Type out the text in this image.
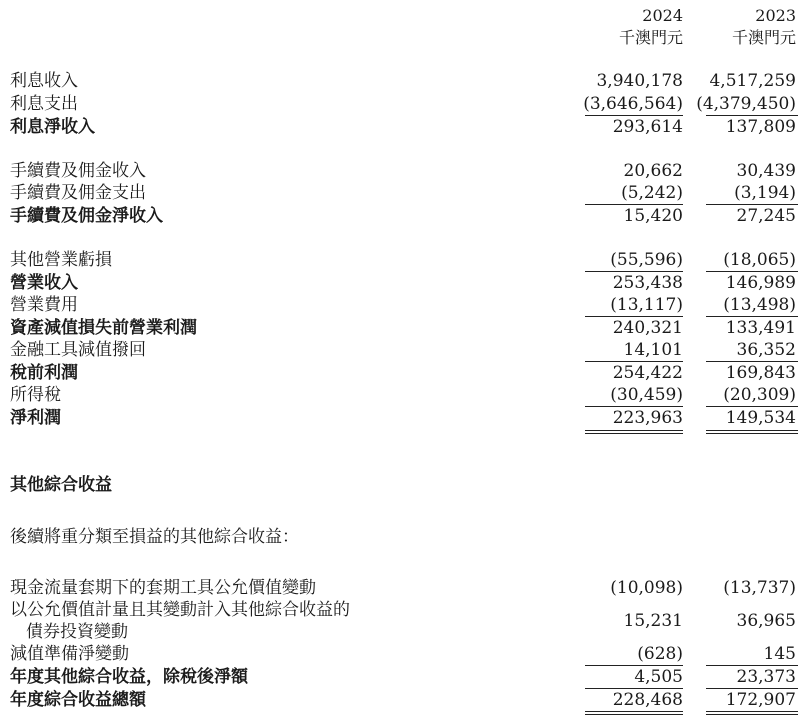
2024	2023
千澳門元	千澳門元
利息收入	3,940,178	4,517,259
利息支出	(3,646,564) (4,379,450)
利息淨收入	293,614	137,809
手續費及佣金收入	20,662	30,439
手續費及佣金支出	(5,242)	(3,194)
手續費及佣金淨收入	15,420	27,245
其他營業虧損	(55,596)	(18,065)
營業收入	253,438	146,989
營業費用	(13,117)	(13,498)
資產減值損失前營業利潤	240,321	133,491
金融工具減值撥回	14,101	36,352
稅前利潤	254,422	169,843
所得稅	(30,459)	(20,309)
淨利潤	223,963	149,534
其他綜合收益
後續將重分類至損益的其他綜合收益：
現金流量套期下的套期工具公允價值變動	(10,098)	(13,737)
以公允價值計量且其變動計入其他綜合收益的
債券投資變動
15,231	36,965
減值準備淨變動	(628)	145
年度其他綜合收益，除稅後淨額	4,505	23,373
年度綜合收益總額	228,468	172,907
